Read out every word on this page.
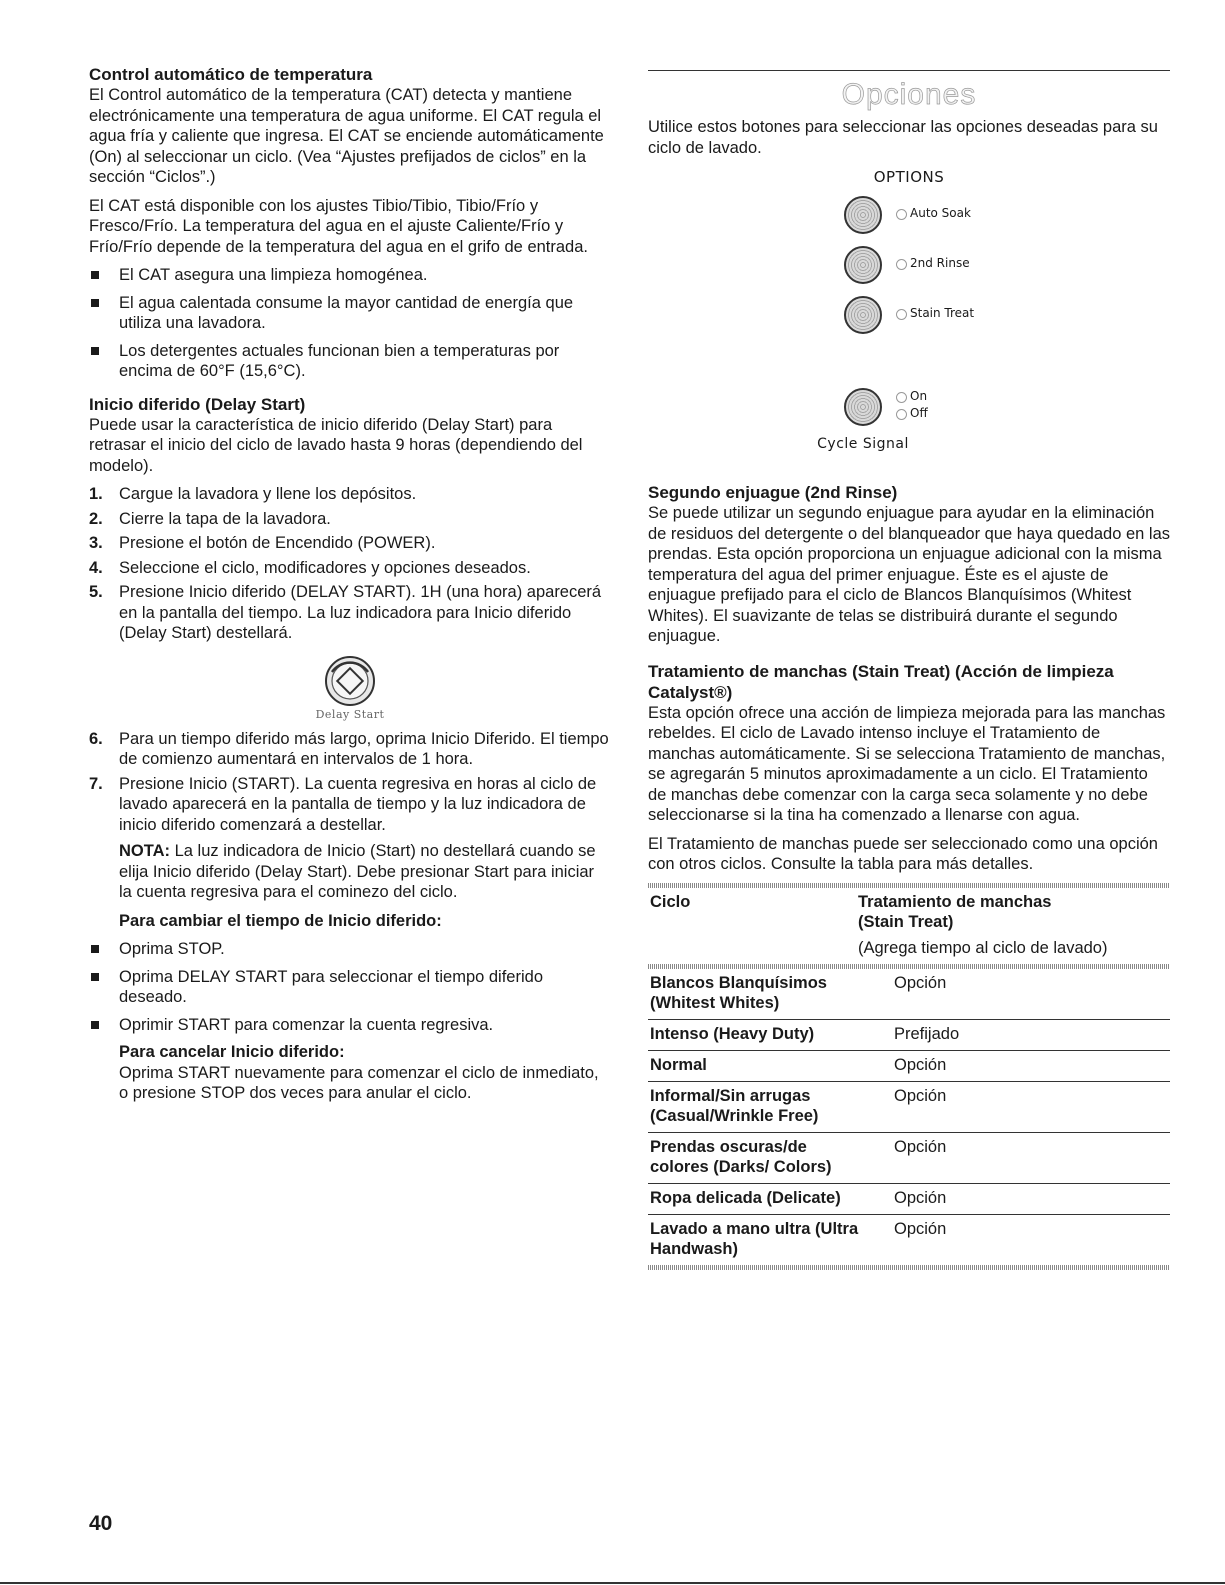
Control automático de temperatura

El Control automático de la temperatura (CAT) detecta y mantiene electrónicamente una temperatura de agua uniforme. El CAT regula el agua fría y caliente que ingresa. El CAT se enciende automáticamente (On) al seleccionar un ciclo. (Vea “Ajustes prefijados de ciclos” en la sección “Ciclos”.)

El CAT está disponible con los ajustes Tibio/Tibio, Tibio/Frío y Fresco/Frío. La temperatura del agua en el ajuste Caliente/Frío y Frío/Frío depende de la temperatura del agua en el grifo de entrada.

El CAT asegura una limpieza homogénea.
El agua calentada consume la mayor cantidad de energía que utiliza una lavadora.
Los detergentes actuales funcionan bien a temperaturas por encima de 60°F (15,6°C).
Inicio diferido (Delay Start)

Puede usar la característica de inicio diferido (Delay Start) para retrasar el inicio del ciclo de lavado hasta 9 horas (dependiendo del modelo).

1. Cargue la lavadora y llene los depósitos.
2. Cierre la tapa de la lavadora.
3. Presione el botón de Encendido (POWER).
4. Seleccione el ciclo, modificadores y opciones deseados.
5. Presione Inicio diferido (DELAY START). 1H (una hora) aparecerá en la pantalla del tiempo. La luz indicadora para Inicio diferido (Delay Start) destellará.
Delay Start
6. Para un tiempo diferido más largo, oprima Inicio Diferido. El tiempo de comienzo aumentará en intervalos de 1 hora.
7. Presione Inicio (START). La cuenta regresiva en horas al ciclo de lavado aparecerá en la pantalla de tiempo y la luz indicadora de inicio diferido comenzará a destellar.

NOTA: La luz indicadora de Inicio (Start) no destellará cuando se elija Inicio diferido (Delay Start). Debe presionar Start para iniciar la cuenta regresiva para el cominezo del ciclo.

Para cambiar el tiempo de Inicio diferido:
Oprima STOP.
Oprima DELAY START para seleccionar el tiempo diferido deseado.
Oprimir START para comenzar la cuenta regresiva.
Para cancelar Inicio diferido:

Oprima START nuevamente para comenzar el ciclo de inmediato, o presione STOP dos veces para anular el ciclo.

Opciones

Utilice estos botones para seleccionar las opciones deseadas para su ciclo de lavado.

OPTIONS
Auto Soak
2nd Rinse
Stain Treat
On
Off
Cycle Signal
Segundo enjuague (2nd Rinse)

Se puede utilizar un segundo enjuague para ayudar en la eliminación de residuos del detergente o del blanqueador que haya quedado en las prendas. Esta opción proporciona un enjuague adicional con la misma temperatura del agua del primer enjuague. Éste es el ajuste de enjuague prefijado para el ciclo de Blancos Blanquísimos (Whitest Whites). El suavizante de telas se distribuirá durante el segundo enjuague.

Tratamiento de manchas (Stain Treat) (Acción de limpieza Catalyst®)

Esta opción ofrece una acción de limpieza mejorada para las manchas rebeldes. El ciclo de Lavado intenso incluye el Tratamiento de manchas automáticamente. Si se selecciona Tratamiento de manchas, se agregarán 5 minutos aproximadamente a un ciclo. El Tratamiento de manchas debe comenzar con la carga seca solamente y no debe seleccionarse si la tina ha comenzado a llenarse con agua.

El Tratamiento de manchas puede ser seleccionado como una opción con otros ciclos. Consulte la tabla para más detalles.

Ciclo	Tratamiento de manchas (Stain Treat)
(Agrega tiempo al ciclo de lavado)
Blancos Blanquísimos (Whitest Whites)	Opción
Intenso (Heavy Duty)	Prefijado
Normal	Opción
Informal/Sin arrugas (Casual/Wrinkle Free)	Opción
Prendas oscuras/de colores (Darks/ Colors)	Opción
Ropa delicada (Delicate)	Opción
Lavado a mano ultra (Ultra Handwash)	Opción
40
